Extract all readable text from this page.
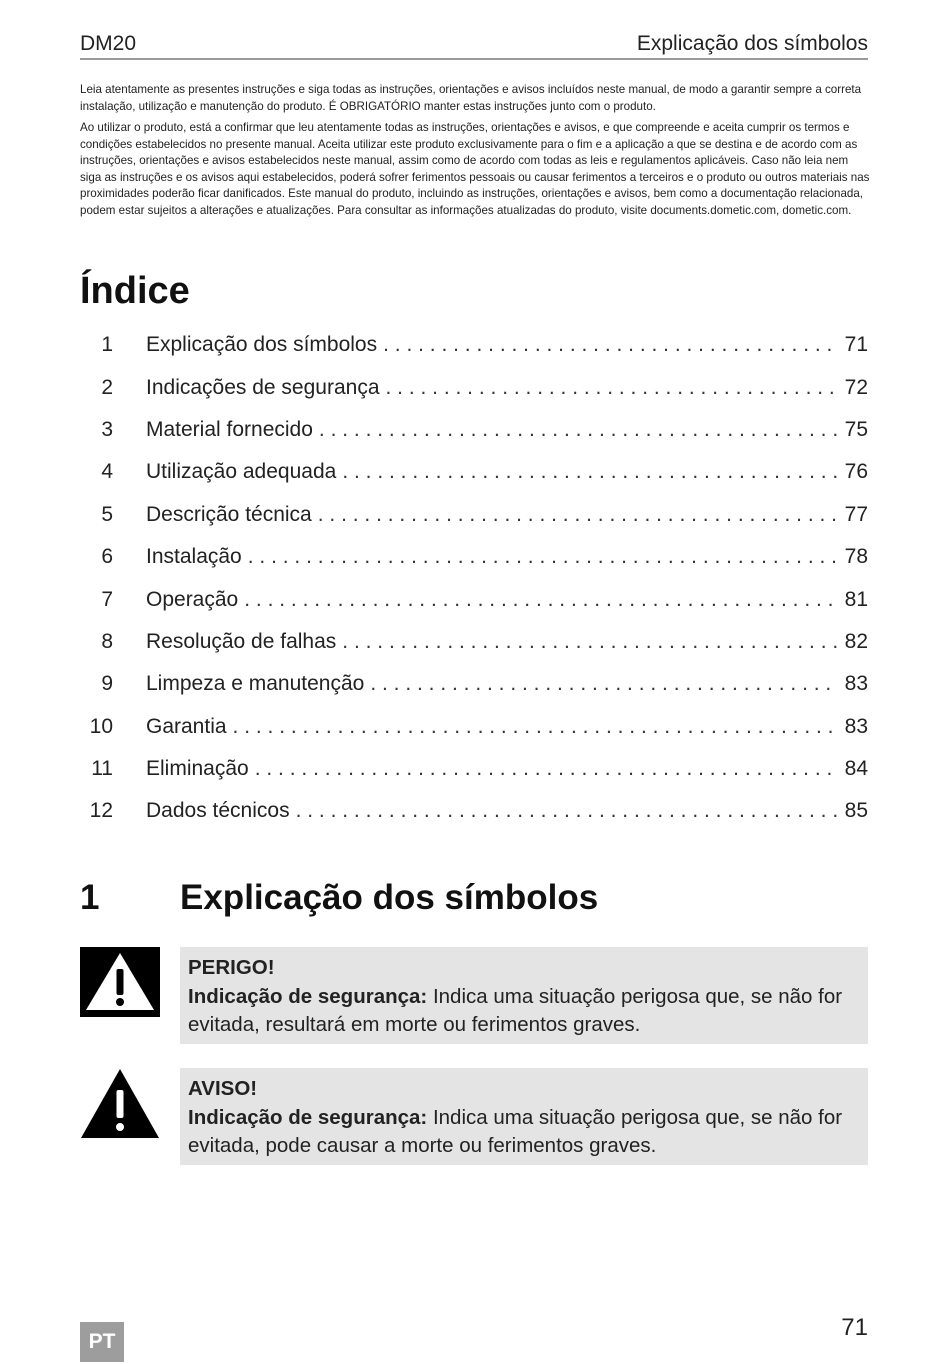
DM20	Explicação dos símbolos

Leia atentamente as presentes instruções e siga todas as instruções, orientações e avisos incluídos neste manual, de modo a garantir sempre a correta instalação, utilização e manutenção do produto. É OBRIGATÓRIO manter estas instruções junto com o produto.

Ao utilizar o produto, está a confirmar que leu atentamente todas as instruções, orientações e avisos, e que compreende e aceita cumprir os termos e condições estabelecidos no presente manual. Aceita utilizar este produto exclusivamente para o fim e a aplicação a que se destina e de acordo com as instruções, orientações e avisos estabelecidos neste manual, assim como de acordo com todas as leis e regulamentos aplicáveis. Caso não leia nem siga as instruções e os avisos aqui estabelecidos, poderá sofrer ferimentos pessoais ou causar ferimentos a terceiros e o produto ou outros materiais nas proximidades poderão ficar danificados. Este manual do produto, incluindo as instruções, orientações e avisos, bem como a documentação relacionada, podem estar sujeitos a alterações e atualizações. Para consultar as informações atualizadas do produto, visite documents.dometic.com, dometic.com.

Índice
1 Explicação dos símbolos . . .	71
2 Indicações de segurança . . .	72
3 Material fornecido . . .	75
4 Utilização adequada . . .	76
5 Descrição técnica . . .	77
6 Instalação . . .	78
7 Operação . . .	81
8 Resolução de falhas . . .	82
9 Limpeza e manutenção . . .	83
10 Garantia . . .	83
11 Eliminação . . .	84
12 Dados técnicos . . .	85
1	Explicação dos símbolos
PERIGO!
Indicação de segurança: Indica uma situação perigosa que, se não for evitada, resultará em morte ou ferimentos graves.
AVISO!
Indicação de segurança: Indica uma situação perigosa que, se não for evitada, pode causar a morte ou ferimentos graves.
PT
71
